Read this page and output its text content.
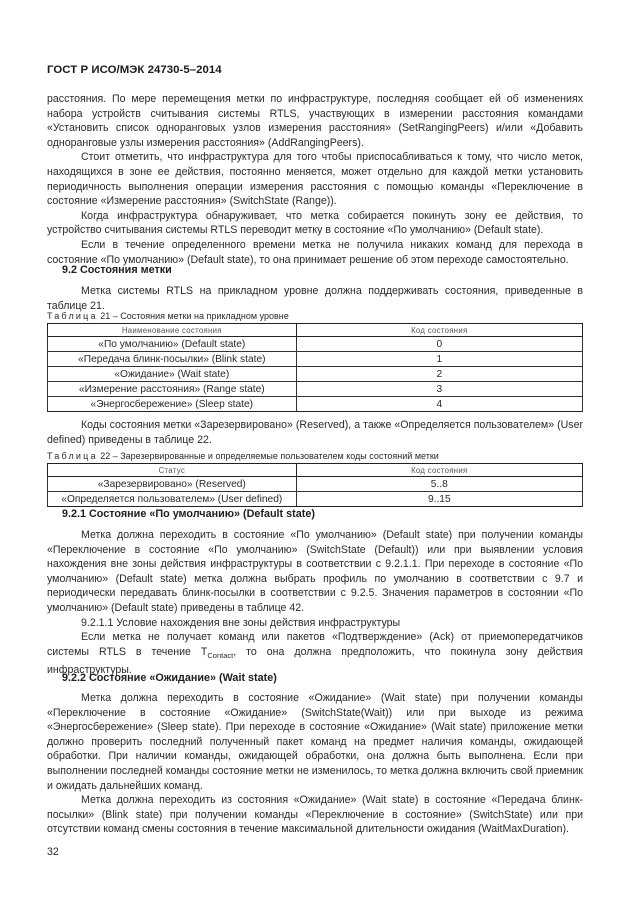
ГОСТ Р ИСО/МЭК 24730-5–2014

расстояния. По мере перемещения метки по инфраструктуре, последняя сообщает ей об изменениях набора устройств считывания системы RTLS, участвующих в измерении расстояния командами «Установить список одноранговых узлов измерения расстояния» (SetRangingPeers) и/или «Добавить одноранговые узлы измерения расстояния» (AddRangingPeers).

Стоит отметить, что инфраструктура для того чтобы приспосабливаться к тому, что число меток, находящихся в зоне ее действия, постоянно меняется, может отдельно для каждой метки установить периодичность выполнения операции измерения расстояния с помощью команды «Переключение в состояние «Измерение расстояния» (SwitchState (Range)).

Когда инфраструктура обнаруживает, что метка собирается покинуть зону ее действия, то устройство считывания системы RTLS переводит метку в состояние «По умолчанию» (Default state).

Если в течение определенного времени метка не получила никаких команд для перехода в состояние «По умолчанию» (Default state), то она принимает решение об этом переходе самостоятельно.

9.2 Состояния метки

Метка системы RTLS на прикладном уровне должна поддерживать состояния, приведенные в таблице 21.

Таблица 21 – Состояния метки на прикладном уровне
Наименование состояния	Код состояния
«По умолчанию» (Default state)	0
«Передача блинк-посылки» (Blink state)	1
«Ожидание» (Wait state)	2
«Измерение расстояния» (Range state)	3
«Энергосбережение» (Sleep state)	4

Коды состояния метки «Зарезервировано» (Reserved), а также «Определяется пользователем» (User defined) приведены в таблице 22.

Таблица 22 – Зарезервированные и определяемые пользователем коды состояний метки
Статус	Код состояния
«Зарезервировано» (Reserved)	5..8
«Определяется пользователем» (User defined)	9..15
9.2.1 Состояние «По умолчанию» (Default state)

Метка должна переходить в состояние «По умолчанию» (Default state) при получении команды «Переключение в состояние «По умолчанию» (SwitchState (Default)) или при выявлении условия нахождения вне зоны действия инфраструктуры в соответствии с 9.2.1.1. При переходе в состояние «По умолчанию» (Default state) метка должна выбрать профиль по умолчанию в соответствии с 9.7 и периодически передавать блинк-посылки в соответствии с 9.2.5. Значения параметров в состоянии «По умолчанию» (Default state) приведены в таблице 42.

9.2.1.1 Условие нахождения вне зоны действия инфраструктуры

Если метка не получает команд или пакетов «Подтверждение» (Ack) от приемопередатчиков системы RTLS в течение $T_{Contact}$, то она должна предположить, что покинула зону действия инфраструктуры.

9.2.2 Состояние «Ожидание» (Wait state)

Метка должна переходить в состояние «Ожидание» (Wait state) при получении команды «Переключение в состояние «Ожидание» (SwitchState(Wait)) или при выходе из режима «Энергосбережение» (Sleep state). При переходе в состояние «Ожидание» (Wait state) приложение метки должно проверить последний полученный пакет команд на предмет наличия команды, ожидающей обработки. При наличии команды, ожидающей обработки, она должна быть выполнена. Если при выполнении последней команды состояние метки не изменилось, то метка должна включить свой приемник и ожидать дальнейших команд.

Метка должна переходить из состояния «Ожидание» (Wait state) в состояние «Передача блинк-посылки» (Blink state) при получении команды «Переключение в состояние» (SwitchState) или при отсутствии команд смены состояния в течение максимальной длительности ожидания (WaitMaxDuration).

32
